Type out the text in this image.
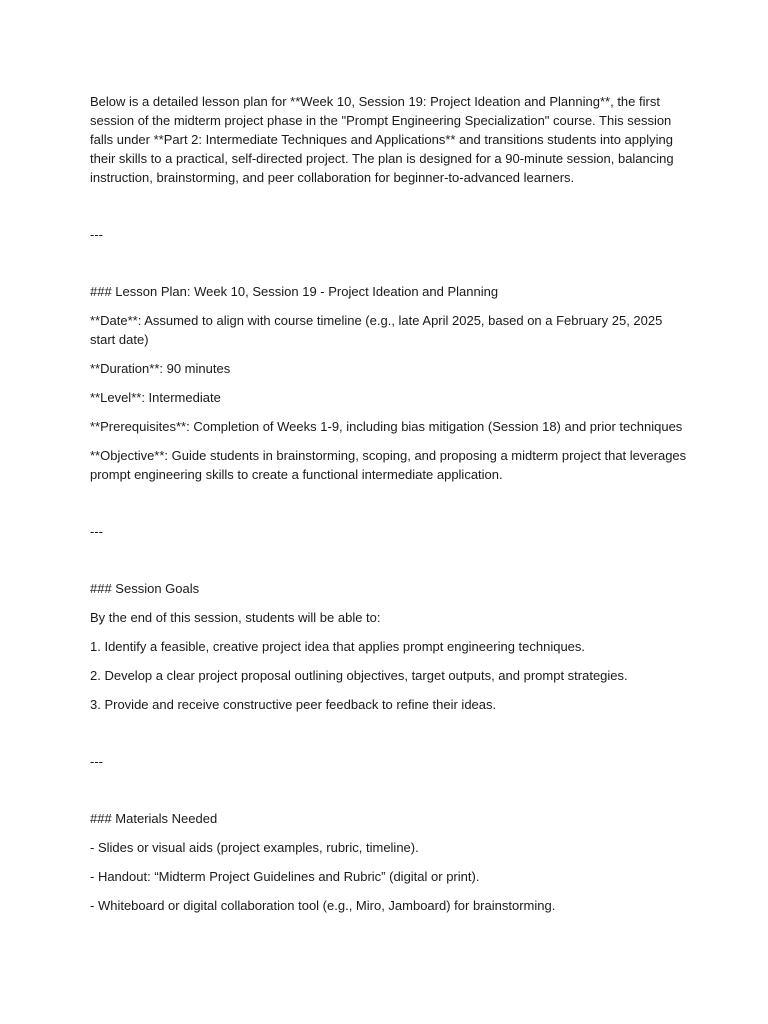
Below is a detailed lesson plan for **Week 10, Session 19: Project Ideation and Planning**, the first session of the midterm project phase in the "Prompt Engineering Specialization" course. This session falls under **Part 2: Intermediate Techniques and Applications** and transitions students into applying their skills to a practical, self-directed project. The plan is designed for a 90-minute session, balancing instruction, brainstorming, and peer collaboration for beginner-to-advanced learners.

---

### Lesson Plan: Week 10, Session 19 - Project Ideation and Planning

**Date**: Assumed to align with course timeline (e.g., late April 2025, based on a February 25, 2025 start date)

**Duration**: 90 minutes

**Level**: Intermediate

**Prerequisites**: Completion of Weeks 1-9, including bias mitigation (Session 18) and prior techniques

**Objective**: Guide students in brainstorming, scoping, and proposing a midterm project that leverages prompt engineering skills to create a functional intermediate application.

---

### Session Goals

By the end of this session, students will be able to:

1. Identify a feasible, creative project idea that applies prompt engineering techniques.

2. Develop a clear project proposal outlining objectives, target outputs, and prompt strategies.

3. Provide and receive constructive peer feedback to refine their ideas.

---

### Materials Needed

- Slides or visual aids (project examples, rubric, timeline).

- Handout: “Midterm Project Guidelines and Rubric” (digital or print).

- Whiteboard or digital collaboration tool (e.g., Miro, Jamboard) for brainstorming.
